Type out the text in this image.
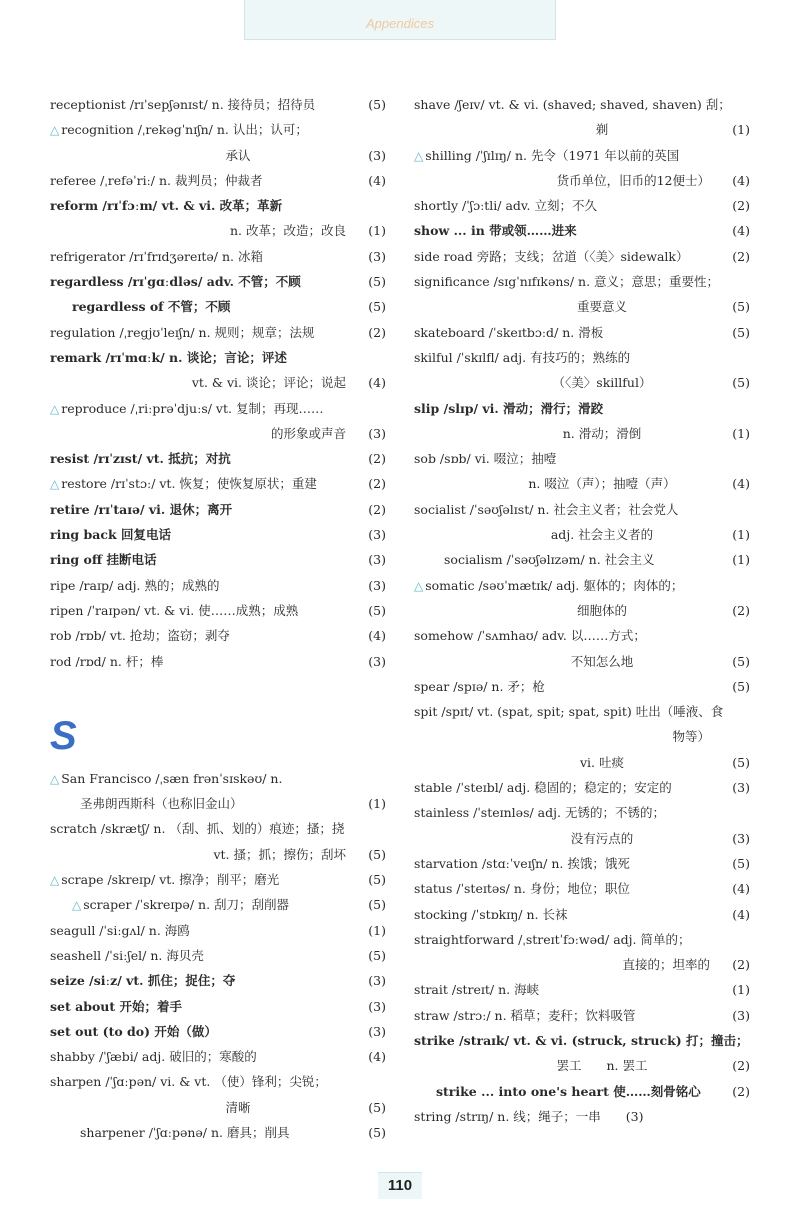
Appendices
receptionist /rɪˈsepʃənɪst/ n. 接待员；招待员	(5)
△ recognition /ˌrekəgˈnɪʃn/ n. 认出；认可；
承认	(3)
referee /ˌrefəˈriː/ n. 裁判员；仲裁者	(4)
reform /rɪˈfɔːm/ vt. & vi. 改革；革新
n. 改革；改造；改良 (1)
refrigerator /rɪˈfrɪdʒəreɪtə/ n. 冰箱	(3)
regardless /rɪˈgɑːdləs/ adv. 不管；不顾	(5)
regardless of 不管；不顾	(5)
regulation /ˌregjʊˈleɪʃn/ n. 规则；规章；法规	(2)
remark /rɪˈmɑːk/ n. 谈论；言论；评述
vt. & vi. 谈论；评论；说起 (4)
△ reproduce /ˌriːprəˈdjuːs/ vt. 复制；再现……
的形象或声音 (3)
resist /rɪˈzɪst/ vt. 抵抗；对抗	(2)
△ restore /rɪˈstɔː/ vt. 恢复；使恢复原状；重建	(2)
retire /rɪˈtaɪə/ vi. 退休；离开	(2)
ring back 回复电话	(3)
ring off 挂断电话	(3)
ripe /raɪp/ adj. 熟的；成熟的	(3)
ripen /ˈraɪpən/ vt. & vi. 使……成熟；成熟	(5)
rob /rɒb/ vt. 抢劫；盗窃；剥夺	(4)
rod /rɒd/ n. 杆；棒	(3)
S
△ San Francisco /ˌsæn frənˈsɪskəʊ/ n.
圣弗朗西斯科（也称旧金山）	(1)
scratch /skrætʃ/ n. （刮、抓、划的）痕迹；搔；挠
vt. 搔；抓；擦伤；刮坏 (5)
△ scrape /skreɪp/ vt. 擦净；削平；磨光	(5)
△ scraper /ˈskreɪpə/ n. 刮刀；刮削器	(5)
seagull /ˈsiːgʌl/ n. 海鸥	(1)
seashell /ˈsiːʃel/ n. 海贝壳	(5)
seize /siːz/ vt. 抓住；捉住；夺	(3)
set about 开始；着手	(3)
set out (to do) 开始（做）	(3)
shabby /ˈʃæbi/ adj. 破旧的；寒酸的	(4)
sharpen /ˈʃɑːpən/ vi. & vt. （使）锋利；尖锐；
清晰	(5)
sharpener /ˈʃɑːpənə/ n. 磨具；削具	(5)
shave /ʃeɪv/ vt. & vi. (shaved; shaved, shaven) 刮；
剃	(1)
△ shilling /ˈʃɪlɪŋ/ n. 先令（1971 年以前的英国
货币单位，旧币的12便士） (4)
shortly /ˈʃɔːtli/ adv. 立刻；不久	(2)
show ... in 带或领……进来	(4)
side road 旁路；支线；岔道（〈美〉sidewalk）	(2)
significance /sɪgˈnɪfɪkəns/ n. 意义；意思；重要性；
重要意义	(5)
skateboard /ˈskeɪtbɔːd/ n. 滑板	(5)
skilful /ˈskɪlfl/ adj. 有技巧的；熟练的
（〈美〉skillful）	(5)
slip /slɪp/ vi. 滑动；滑行；滑跤
n. 滑动；滑倒	(1)
sob /sɒb/ vi. 啜泣；抽噎
n. 啜泣（声）；抽噎（声）	(4)
socialist /ˈsəʊʃəlɪst/ n. 社会主义者；社会党人
adj. 社会主义者的	(1)
socialism /ˈsəʊʃəlɪzəm/ n. 社会主义	(1)
△ somatic /səʊˈmætɪk/ adj. 躯体的；肉体的；
细胞体的	(2)
somehow /ˈsʌmhaʊ/ adv. 以……方式；
不知怎么地	(5)
spear /spɪə/ n. 矛；枪	(5)
spit /spɪt/ vt. (spat, spit; spat, spit) 吐出（唾液、食
物等）
vi. 吐痰	(5)
stable /ˈsteɪbl/ adj. 稳固的；稳定的；安定的	(3)
stainless /ˈsteɪnləs/ adj. 无锈的；不锈的；
没有污点的	(3)
starvation /stɑːˈveɪʃn/ n. 挨饿；饿死	(5)
status /ˈsteɪtəs/ n. 身份；地位；职位	(4)
stocking /ˈstɒkɪŋ/ n. 长袜	(4)
straightforward /ˌstreɪtˈfɔːwəd/ adj. 简单的；
直接的；坦率的 (2)
strait /streɪt/ n. 海峡	(1)
straw /strɔː/ n. 稻草；麦秆；饮料吸管	(3)
strike /straɪk/ vt. & vi. (struck, struck) 打；撞击；
罢工　　n. 罢工	(2)
strike ... into one's heart 使……刻骨铭心	(2)
string /strɪŋ/ n. 线；绳子；一串　　(3)
110
